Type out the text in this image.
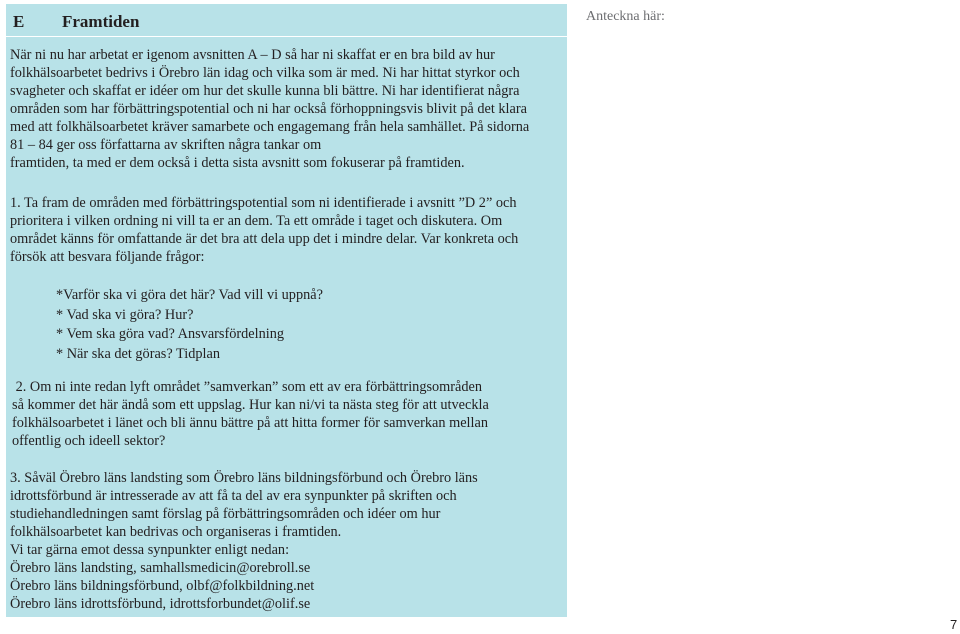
E Framtiden
När ni nu har arbetat er igenom avsnitten A – D så har ni skaffat er en bra bild av hur
folkhälsoarbetet bedrivs i Örebro län idag och vilka som är med. Ni har hittat styrkor och
svagheter och skaffat er idéer om hur det skulle kunna bli bättre. Ni har identifierat några
områden som har förbättringspotential och ni har också förhoppningsvis blivit på det klara
med att folkhälsoarbetet kräver samarbete och engagemang från hela samhället. På sidorna
81 – 84 ger oss författarna av skriften några tankar om
framtiden, ta med er dem också i detta sista avsnitt som fokuserar på framtiden.
1. Ta fram de områden med förbättringspotential som ni identifierade i avsnitt ”D 2” och
prioritera i vilken ordning ni vill ta er an dem. Ta ett område i taget och diskutera. Om
området känns för omfattande är det bra att dela upp det i mindre delar. Var konkreta och
försök att besvara följande frågor:
*Varför ska vi göra det här? Vad vill vi uppnå?
* Vad ska vi göra? Hur?
* Vem ska göra vad? Ansvarsfördelning
* När ska det göras? Tidplan
2. Om ni inte redan lyft området ”samverkan” som ett av era förbättringsområden
så kommer det här ändå som ett uppslag. Hur kan ni/vi ta nästa steg för att utveckla
folkhälsoarbetet i länet och bli ännu bättre på att hitta former för samverkan mellan
offentlig och ideell sektor?
3. Såväl Örebro läns landsting som Örebro läns bildningsförbund och Örebro läns
idrottsförbund är intresserade av att få ta del av era synpunkter på skriften och
studiehandledningen samt förslag på förbättringsområden och idéer om hur
folkhälsoarbetet kan bedrivas och organiseras i framtiden.
Vi tar gärna emot dessa synpunkter enligt nedan:
Örebro läns landsting, samhallsmedicin@orebroll.se
Örebro läns bildningsförbund, olbf@folkbildning.net
Örebro läns idrottsförbund, idrottsforbundet@olif.se
Anteckna här:
7
